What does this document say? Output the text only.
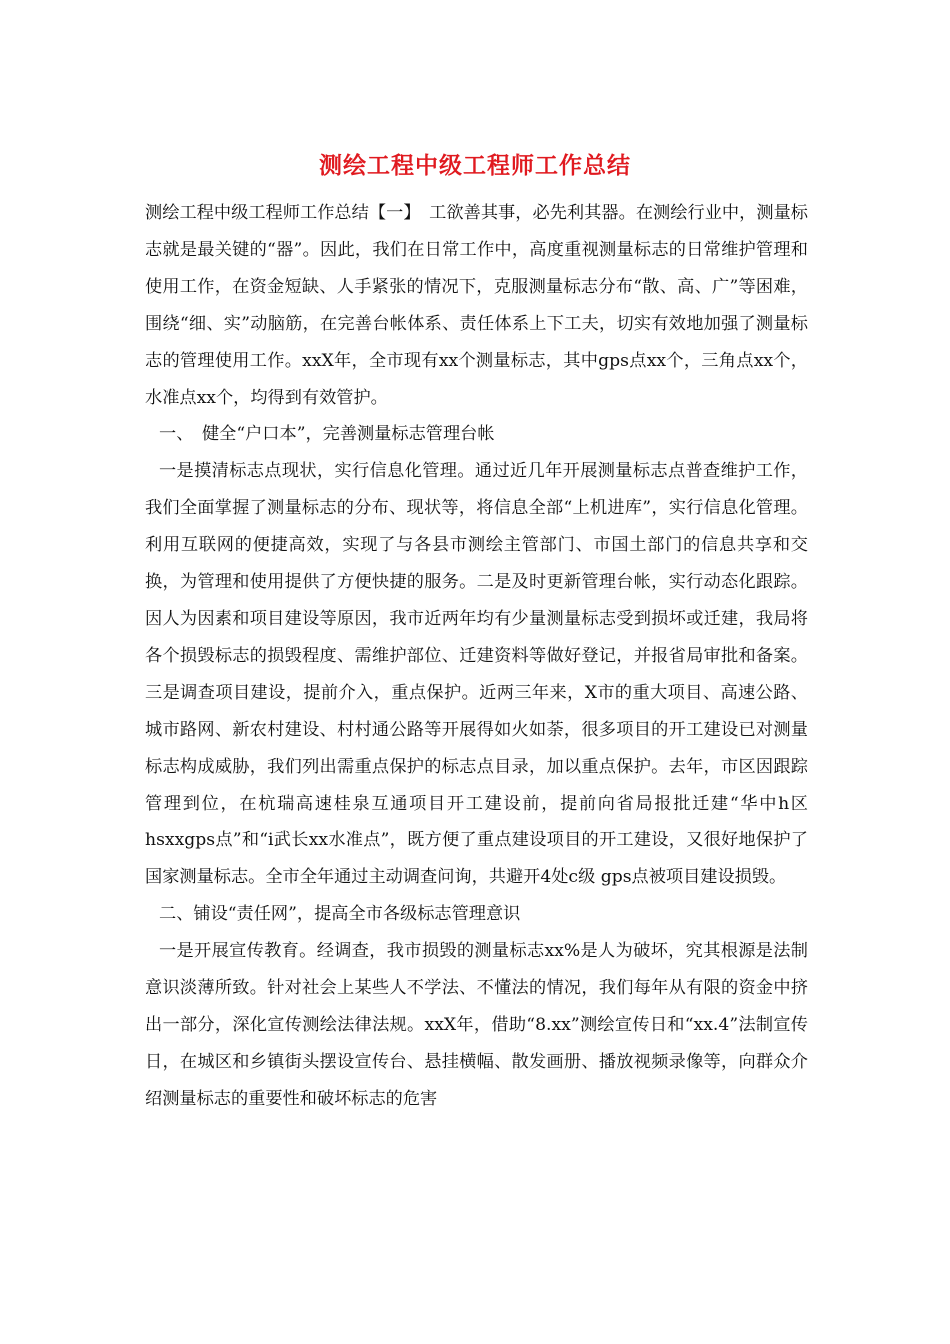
测绘工程中级工程师工作总结

测绘工程中级工程师工作总结【一】　工欲善其事，必先利其器。在测绘行业中，测量标志就是最关键的“器”。因此，我们在日常工作中，高度重视测量标志的日常维护管理和使用工作，在资金短缺、人手紧张的情况下，克服测量标志分布“散、高、广”等困难，围绕“细、实”动脑筋，在完善台帐体系、责任体系上下工夫，切实有效地加强了测量标志的管理使用工作。xxX年，全市现有xx个测量标志，其中gps点xx个，三角点xx个，水准点xx个，均得到有效管护。

一、　健全“户口本”，完善测量标志管理台帐

一是摸清标志点现状，实行信息化管理。通过近几年开展测量标志点普查维护工作，我们全面掌握了测量标志的分布、现状等，将信息全部“上机进库”，实行信息化管理。利用互联网的便捷高效，实现了与各县市测绘主管部门、市国土部门的信息共享和交换，为管理和使用提供了方便快捷的服务。二是及时更新管理台帐，实行动态化跟踪。因人为因素和项目建设等原因，我市近两年均有少量测量标志受到损坏或迁建，我局将各个损毁标志的损毁程度、需维护部位、迁建资料等做好登记，并报省局审批和备案。三是调查项目建设，提前介入，重点保护。近两三年来，X市的重大项目、高速公路、城市路网、新农村建设、村村通公路等开展得如火如荼，很多项目的开工建设已对测量标志构成威胁，我们列出需重点保护的标志点目录，加以重点保护。去年，市区因跟踪管理到位，在杭瑞高速桂泉互通项目开工建设前，提前向省局报批迁建“华中h区hsxxgps点”和“i武长xx水准点”，既方便了重点建设项目的开工建设，又很好地保护了国家测量标志。全市全年通过主动调查问询，共避开4处c级 gps点被项目建设损毁。

二、铺设“责任网”，提高全市各级标志管理意识

一是开展宣传教育。经调查，我市损毁的测量标志xx%是人为破坏，究其根源是法制意识淡薄所致。针对社会上某些人不学法、不懂法的情况，我们每年从有限的资金中挤出一部分，深化宣传测绘法律法规。xxX年，借助“8.xx”测绘宣传日和“xx.4”法制宣传日，在城区和乡镇街头摆设宣传台、悬挂横幅、散发画册、播放视频录像等，向群众介绍测量标志的重要性和破坏标志的危害
